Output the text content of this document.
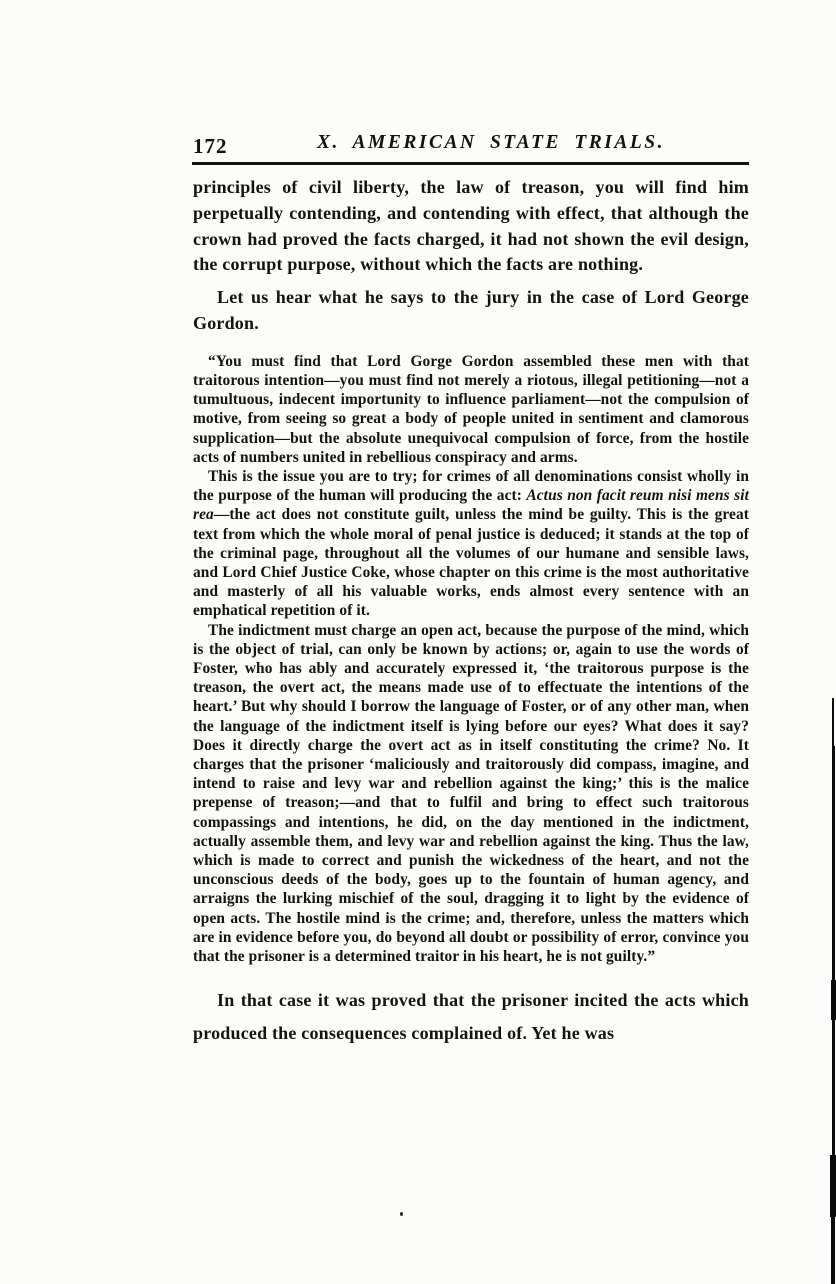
172	X. AMERICAN STATE TRIALS.

principles of civil liberty, the law of treason, you will find him perpetually contending, and contending with effect, that although the crown had proved the facts charged, it had not shown the evil design, the corrupt purpose, without which the facts are nothing.

Let us hear what he says to the jury in the case of Lord George Gordon.

“You must find that Lord Gorge Gordon assembled these men with that traitorous intention—you must find not merely a riotous, illegal petitioning—not a tumultuous, indecent importunity to influence parliament—not the compulsion of motive, from seeing so great a body of people united in sentiment and clamorous supplication—but the absolute unequivocal compulsion of force, from the hostile acts of numbers united in rebellious conspiracy and arms.

This is the issue you are to try; for crimes of all denominations consist wholly in the purpose of the human will producing the act: Actus non facit reum nisi mens sit rea—the act does not constitute guilt, unless the mind be guilty. This is the great text from which the whole moral of penal justice is deduced; it stands at the top of the criminal page, throughout all the volumes of our humane and sensible laws, and Lord Chief Justice Coke, whose chapter on this crime is the most authoritative and masterly of all his valuable works, ends almost every sentence with an emphatical repetition of it.

The indictment must charge an open act, because the purpose of the mind, which is the object of trial, can only be known by actions; or, again to use the words of Foster, who has ably and accurately expressed it, ‘the traitorous purpose is the treason, the overt act, the means made use of to effectuate the intentions of the heart.’ But why should I borrow the language of Foster, or of any other man, when the language of the indictment itself is lying before our eyes? What does it say? Does it directly charge the overt act as in itself constituting the crime? No. It charges that the prisoner ‘maliciously and traitorously did compass, imagine, and intend to raise and levy war and rebellion against the king;’ this is the malice prepense of treason;—and that to fulfil and bring to effect such traitorous compassings and intentions, he did, on the day mentioned in the indictment, actually assemble them, and levy war and rebellion against the king. Thus the law, which is made to correct and punish the wickedness of the heart, and not the unconscious deeds of the body, goes up to the fountain of human agency, and arraigns the lurking mischief of the soul, dragging it to light by the evidence of open acts. The hostile mind is the crime; and, therefore, unless the matters which are in evidence before you, do beyond all doubt or possibility of error, convince you that the prisoner is a determined traitor in his heart, he is not guilty.”

In that case it was proved that the prisoner incited the acts which produced the consequences complained of. Yet he was
